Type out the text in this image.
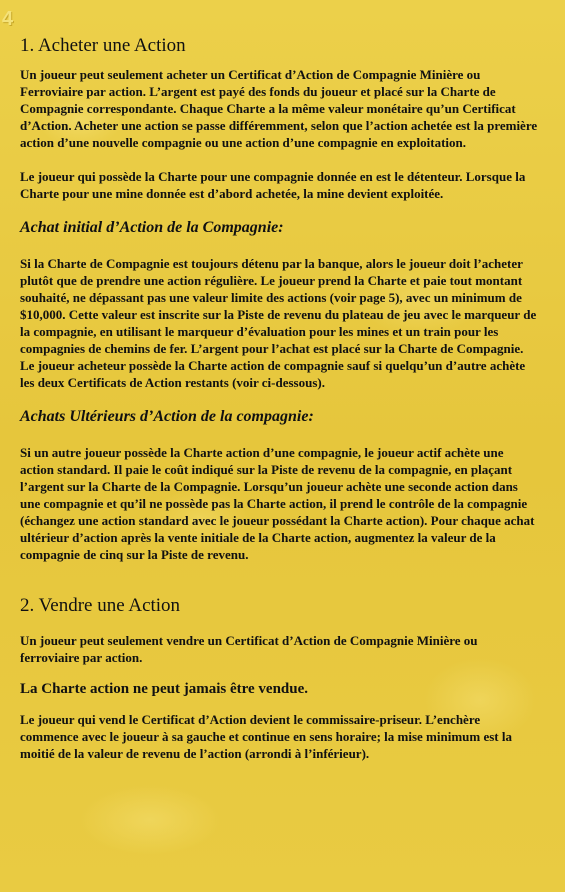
4
1. Acheter une Action

Un joueur peut seulement acheter un Certificat d’Action de Compagnie Minière ou Ferroviaire par action. L’argent est payé des fonds du joueur et placé sur la Charte de Compagnie correspondante. Chaque Charte a la même valeur monétaire qu’un Certificat d’Action. Acheter une action se passe différemment, selon que l’action achetée est la première action d’une nouvelle compagnie ou une action d’une compagnie en exploitation.

Le joueur qui possède la Charte pour une compagnie donnée en est le détenteur. Lorsque la Charte pour une mine donnée est d’abord achetée, la mine devient exploitée.

Achat initial d’Action de la Compagnie:

Si la Charte de Compagnie est toujours détenu par la banque, alors le joueur doit l’acheter plutôt que de prendre une action régulière. Le joueur prend la Charte et paie tout montant souhaité, ne dépassant pas une valeur limite des actions (voir page 5), avec un minimum de $10,000. Cette valeur est inscrite sur la Piste de revenu du plateau de jeu avec le marqueur de la compagnie, en utilisant le marqueur d’évaluation pour les mines et un train pour les compagnies de chemins de fer. L’argent pour l’achat est placé sur la Charte de Compagnie. Le joueur acheteur possède la Charte action de compagnie sauf si quelqu’un d’autre achète les deux Certificats de Action restants (voir ci-dessous).

Achats Ultérieurs d’Action de la compagnie:

Si un autre joueur possède la Charte action d’une compagnie, le joueur actif achète une action standard. Il paie le coût indiqué sur la Piste de revenu de la compagnie, en plaçant l’argent sur la Charte de la Compagnie. Lorsqu’un joueur achète une seconde action dans une compagnie et qu’il ne possède pas la Charte action, il prend le contrôle de la compagnie (échangez une action standard avec le joueur possédant la Charte action). Pour chaque achat ultérieur d’action après la vente initiale de la Charte action, augmentez la valeur de la compagnie de cinq sur la Piste de revenu.

2. Vendre une Action

Un joueur peut seulement vendre un Certificat d’Action de Compagnie Minière ou ferroviaire par action.

La Charte action ne peut jamais être vendue.

Le joueur qui vend le Certificat d’Action devient le commissaire-priseur. L’enchère commence avec le joueur à sa gauche et continue en sens horaire; la mise minimum est la moitié de la valeur de revenu de l’action (arrondi à l’inférieur).
